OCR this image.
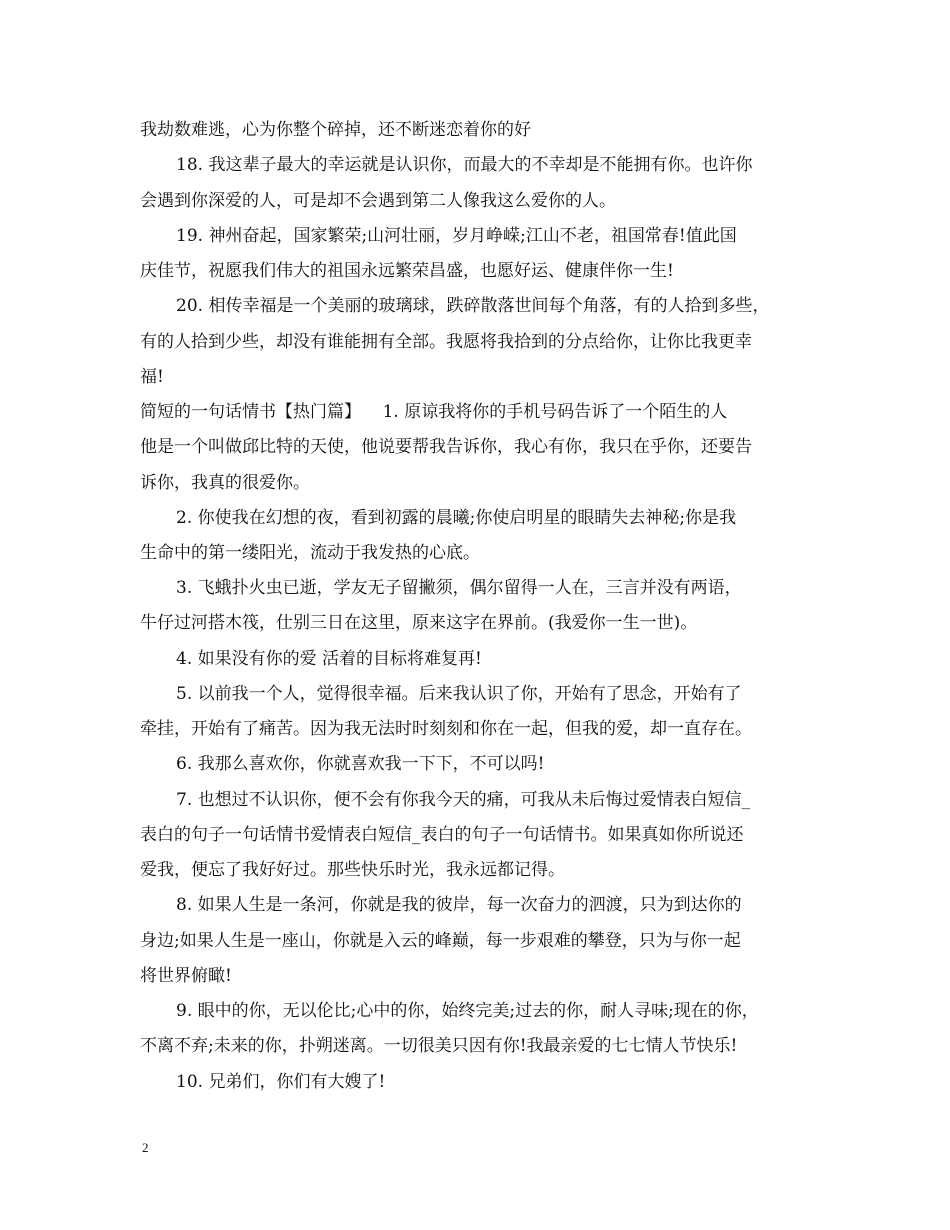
我劫数难逃，心为你整个碎掉，还不断迷恋着你的好
18. 我这辈子最大的幸运就是认识你，而最大的不幸却是不能拥有你。也许你
会遇到你深爱的人，可是却不会遇到第二人像我这么爱你的人。
19. 神州奋起，国家繁荣;山河壮丽，岁月峥嵘;江山不老，祖国常春!值此国
庆佳节，祝愿我们伟大的祖国永远繁荣昌盛，也愿好运、健康伴你一生!
20. 相传幸福是一个美丽的玻璃球，跌碎散落世间每个角落，有的人拾到多些，
有的人拾到少些，却没有谁能拥有全部。我愿将我拾到的分点给你，让你比我更幸
福!
简短的一句话情书【热门篇】    1. 原谅我将你的手机号码告诉了一个陌生的人
他是一个叫做邱比特的天使，他说要帮我告诉你，我心有你，我只在乎你，还要告
诉你，我真的很爱你。
2. 你使我在幻想的夜，看到初露的晨曦;你使启明星的眼睛失去神秘;你是我
生命中的第一缕阳光，流动于我发热的心底。
3. 飞蛾扑火虫已逝，学友无子留撇须，偶尔留得一人在，三言并没有两语，
牛仔过河搭木筏，仕别三日在这里，原来这字在界前。(我爱你一生一世)。
4. 如果没有你的爱 活着的目标将难复再!
5. 以前我一个人，觉得很幸福。后来我认识了你，开始有了思念，开始有了
牵挂，开始有了痛苦。因为我无法时时刻刻和你在一起，但我的爱，却一直存在。
6. 我那么喜欢你，你就喜欢我一下下，不可以吗!
7. 也想过不认识你，便不会有你我今天的痛，可我从未后悔过爱情表白短信_
表白的句子一句话情书爱情表白短信_表白的句子一句话情书。如果真如你所说还
爱我，便忘了我好好过。那些快乐时光，我永远都记得。
8. 如果人生是一条河，你就是我的彼岸，每一次奋力的泗渡，只为到达你的
身边;如果人生是一座山，你就是入云的峰巅，每一步艰难的攀登，只为与你一起
将世界俯瞰!
9. 眼中的你，无以伦比;心中的你，始终完美;过去的你，耐人寻味;现在的你，
不离不弃;未来的你，扑朔迷离。一切很美只因有你!我最亲爱的七七情人节快乐!
10. 兄弟们，你们有大嫂了!
2
